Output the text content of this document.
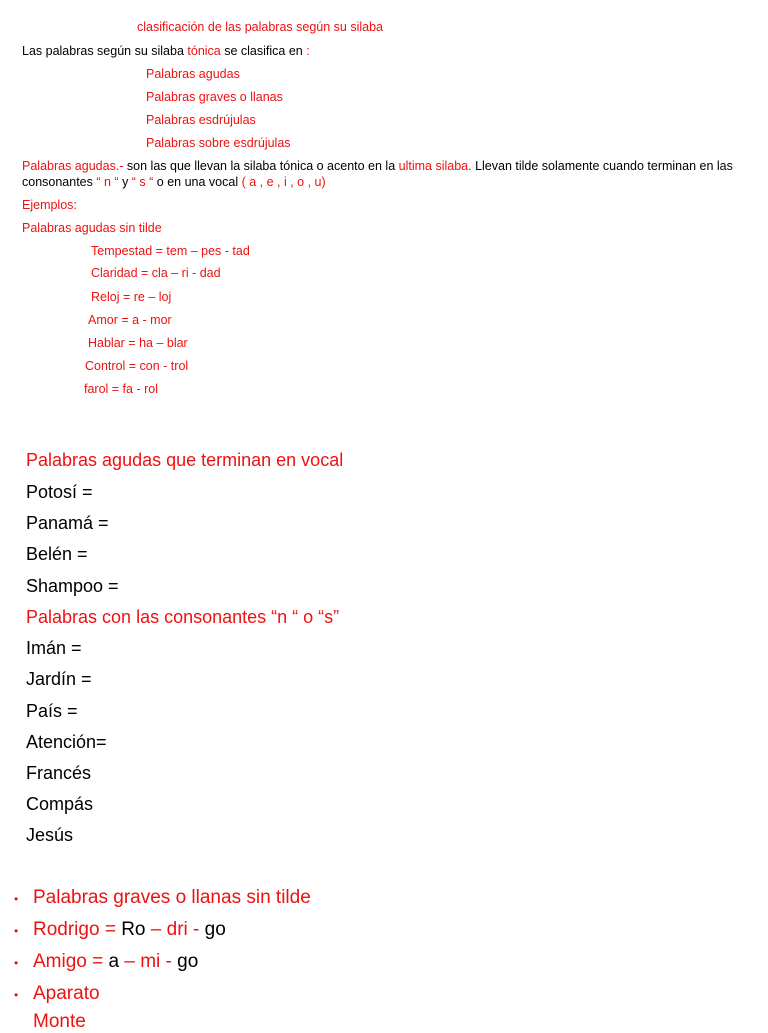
clasificación de las palabras según su silaba
Las palabras según su silaba tónica se clasifica en :
Palabras agudas
Palabras graves o llanas
Palabras esdrújulas
Palabras sobre esdrújulas
Palabras agudas.- son las que llevan la silaba tónica o acento en la ultima silaba. Llevan tilde solamente cuando terminan en las consonantes “ n “ y “ s “ o en una vocal ( a , e , i , o , u)
Ejemplos:
Palabras agudas sin tilde
Tempestad = tem – pes - tad
Claridad = cla – ri - dad
Reloj = re – loj
Amor = a - mor
Hablar = ha – blar
Control = con - trol
farol = fa - rol
Palabras agudas que terminan en vocal
Potosí =
Panamá =
Belén =
Shampoo =
Palabras con las consonantes “n “ o “s”
Imán =
Jardín =
País =
Atención=
Francés
Compás
Jesús
• Palabras graves o llanas sin tilde
• Rodrigo = Ro – dri - go
• Amigo = a – mi - go
• Aparato
Monte
